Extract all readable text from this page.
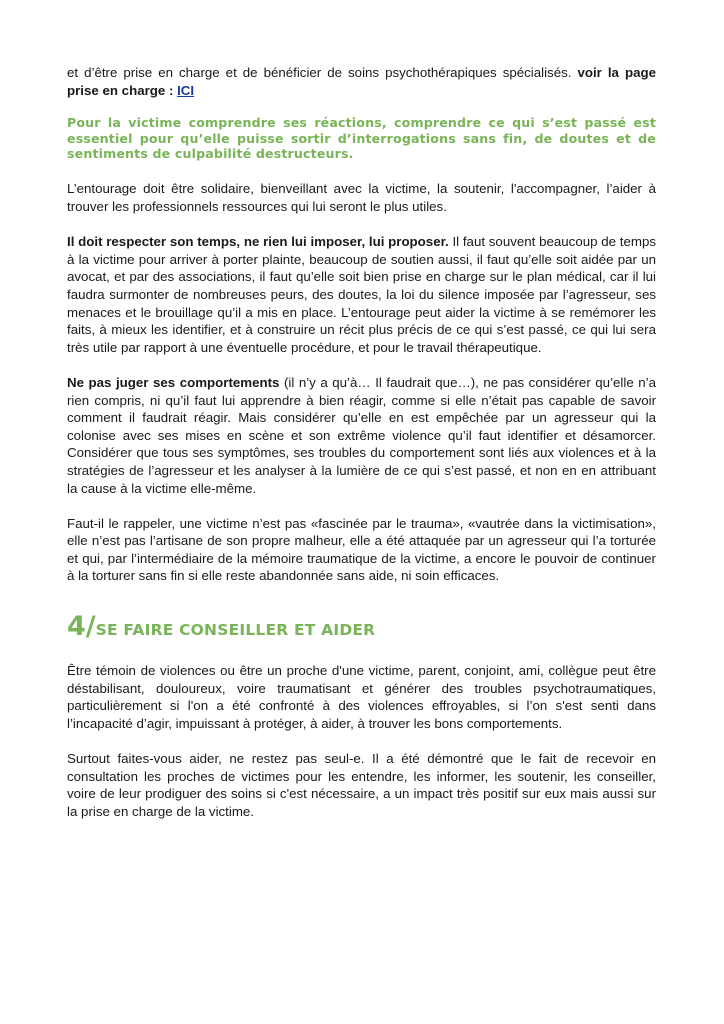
et d’être prise en charge et de bénéficier de soins psychothérapiques spécialisés. voir la page prise en charge : ICI

Pour la victime comprendre ses réactions, comprendre ce qui s’est passé est essentiel pour qu’elle puisse sortir d’interrogations sans fin, de doutes et de sentiments de culpabilité destructeurs.

L’entourage doit être solidaire, bienveillant avec la victime, la soutenir, l'accompagner, l’aider à trouver les professionnels ressources qui lui seront le plus utiles.

Il doit respecter son temps, ne rien lui imposer, lui proposer. Il faut souvent beaucoup de temps à la victime pour arriver à porter plainte, beaucoup de soutien aussi, il faut qu’elle soit aidée par un avocat, et par des associations, il faut qu’elle soit bien prise en charge sur le plan médical, car il lui faudra surmonter de nombreuses peurs, des doutes, la loi du silence imposée par l’agresseur, ses menaces et le brouillage qu’il a mis en place. L’entourage peut aider la victime à se remémorer les faits, à mieux les identifier, et à construire un récit plus précis de ce qui s’est passé, ce qui lui sera très utile par rapport à une éventuelle procédure, et pour le travail thérapeutique.

Ne pas juger ses comportements (il n’y a qu’à… Il faudrait que…), ne pas considérer qu’elle n’a rien compris, ni qu’il faut lui apprendre à bien réagir, comme si elle n’était pas capable de savoir comment il faudrait réagir. Mais considérer qu’elle en est empêchée par un agresseur qui la colonise avec ses mises en scène et son extrême violence qu’il faut identifier et désamorcer. Considérer que tous ses symptômes, ses troubles du comportement sont liés aux violences et à la stratégies de l’agresseur et les analyser à la lumière de ce qui s’est passé, et non en en attribuant la cause à la victime elle-même.

Faut-il le rappeler, une victime n’est pas «fascinée par le trauma», «vautrée dans la victimisation», elle n’est pas l’artisane de son propre malheur, elle a été attaquée par un agresseur qui l’a torturée et qui, par l’intermédiaire de la mémoire traumatique de la victime, a encore le pouvoir de continuer à la torturer sans fin si elle reste abandonnée sans aide, ni soin efficaces.

4/ SE FAIRE CONSEILLER ET AIDER

Être témoin de violences ou être un proche d'une victime, parent, conjoint, ami, collègue peut être déstabilisant, douloureux, voire traumatisant et générer des troubles psychotraumatiques, particulièrement si l'on a été confronté à des violences effroyables, si l’on s'est senti dans l’incapacité d’agir, impuissant à protéger, à aider, à trouver les bons comportements.

Surtout faites-vous aider, ne restez pas seul-e. Il a été démontré que le fait de recevoir en consultation les proches de victimes pour les entendre, les informer, les soutenir, les conseiller, voire de leur prodiguer des soins si c'est nécessaire, a un impact très positif sur eux mais aussi sur la prise en charge de la victime.
